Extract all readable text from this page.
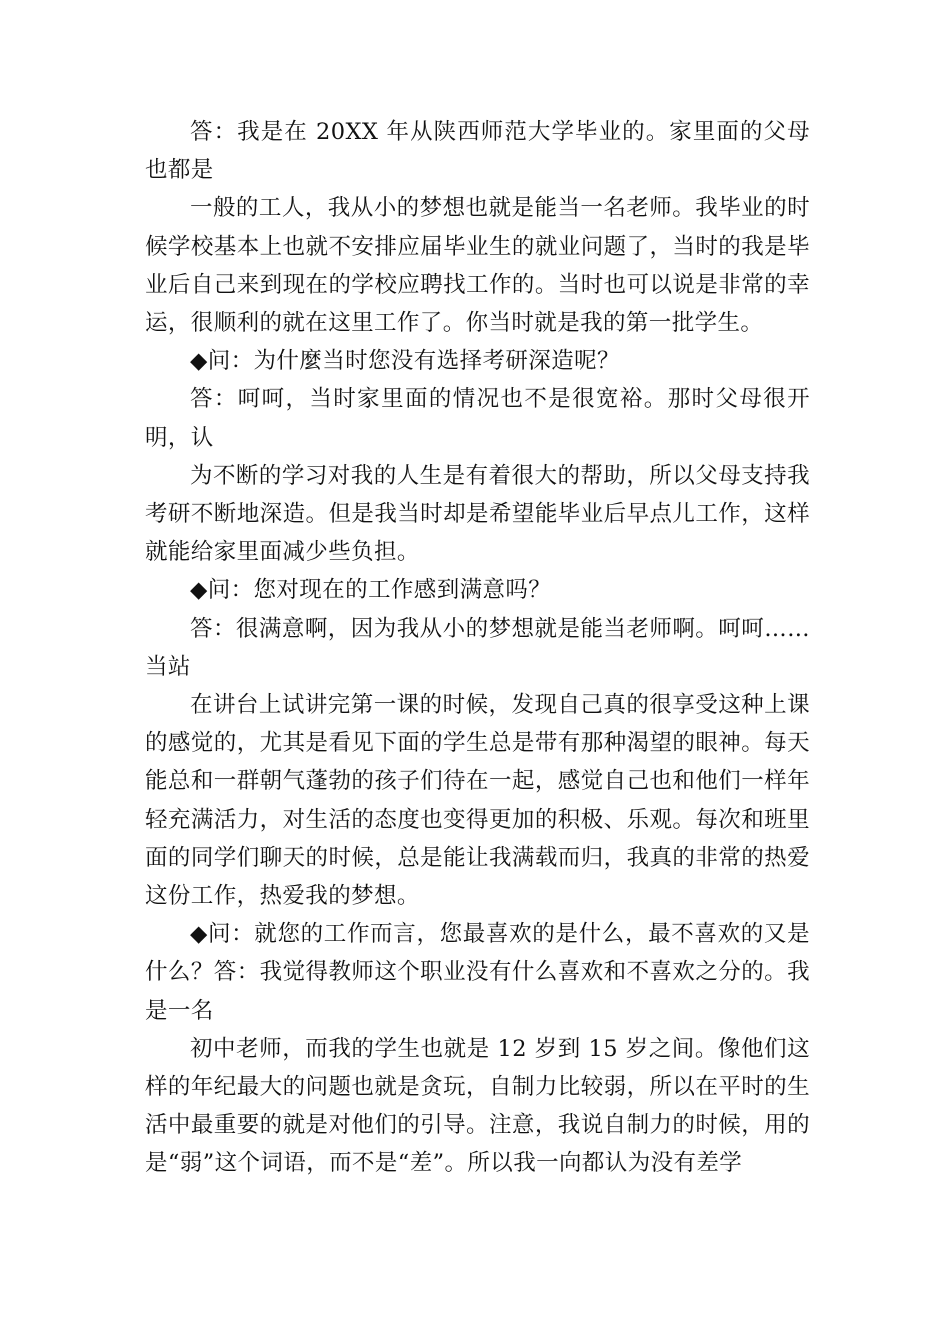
答：我是在 20XX 年从陕西师范大学毕业的。家里面的父母也都是

一般的工人，我从小的梦想也就是能当一名老师。我毕业的时候学校基本上也就不安排应届毕业生的就业问题了，当时的我是毕业后自己来到现在的学校应聘找工作的。当时也可以说是非常的幸运，很顺利的就在这里工作了。你当时就是我的第一批学生。

◆问：为什麼当时您没有选择考研深造呢？

答：呵呵，当时家里面的情况也不是很宽裕。那时父母很开明，认

为不断的学习对我的人生是有着很大的帮助，所以父母支持我考研不断地深造。但是我当时却是希望能毕业后早点儿工作，这样就能给家里面减少些负担。

◆问：您对现在的工作感到满意吗？

答：很满意啊，因为我从小的梦想就是能当老师啊。呵呵……当站

在讲台上试讲完第一课的时候，发现自己真的很享受这种上课的感觉的，尤其是看见下面的学生总是带有那种渴望的眼神。每天能总和一群朝气蓬勃的孩子们待在一起，感觉自己也和他们一样年轻充满活力，对生活的态度也变得更加的积极、乐观。每次和班里面的同学们聊天的时候，总是能让我满载而归，我真的非常的热爱这份工作，热爱我的梦想。

◆问：就您的工作而言，您最喜欢的是什么，最不喜欢的又是什么？答：我觉得教师这个职业没有什么喜欢和不喜欢之分的。我是一名

初中老师，而我的学生也就是 12 岁到 15 岁之间。像他们这样的年纪最大的问题也就是贪玩，自制力比较弱，所以在平时的生活中最重要的就是对他们的引导。注意，我说自制力的时候，用的是“弱”这个词语，而不是“差”。所以我一向都认为没有差学
